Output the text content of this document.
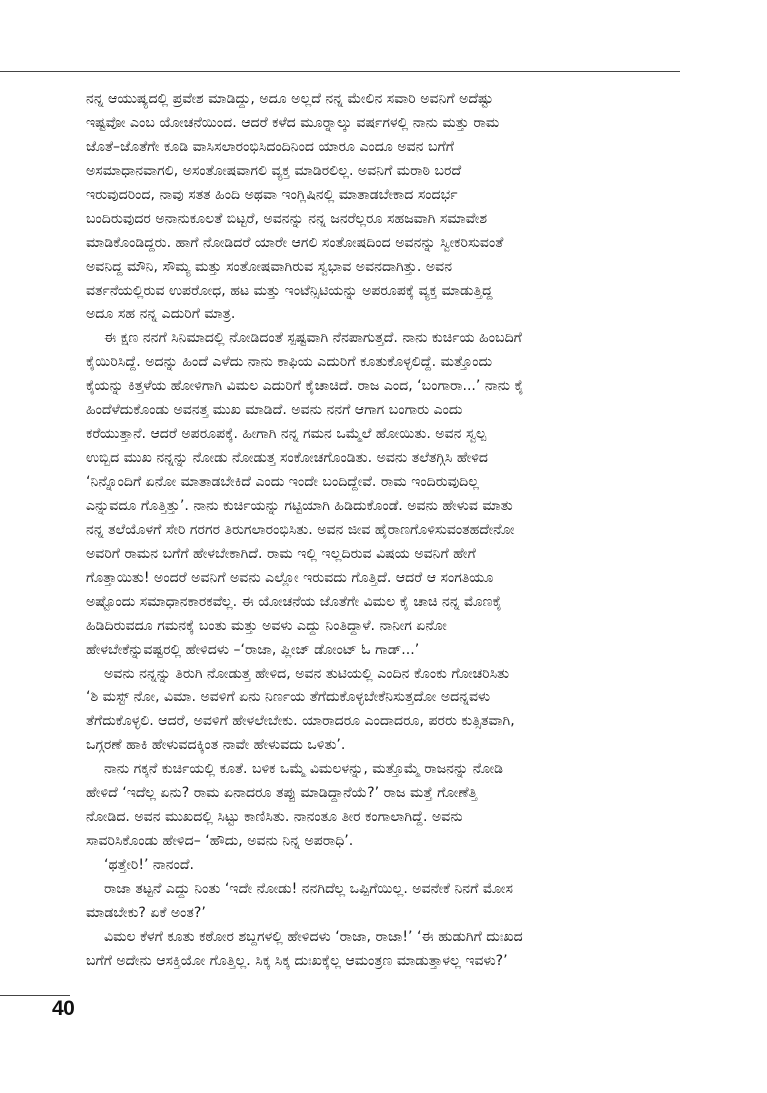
ನನ್ನ ಆಯುಷ್ಯದಲ್ಲಿ ಪ್ರವೇಶ ಮಾಡಿದ್ದು, ಅದೂ ಅಲ್ಲದೆ ನನ್ನ ಮೇಲಿನ ಸವಾರಿ ಅವನಿಗೆ ಅದೆಷ್ಟು
ಇಷ್ಟವೋ ಎಂಬ ಯೋಚನೆಯಿಂದ. ಆದರೆ ಕಳೆದ ಮೂರ‍್ನಾಲ್ಕು ವರ್ಷಗಳಲ್ಲಿ ನಾನು ಮತ್ತು ರಾಮ
ಜೊತೆ–ಜೊತೆಗೇ ಕೂಡಿ ವಾಸಿಸಲಾರಂಭಿಸಿದಂದಿನಿಂದ ಯಾರೂ ಎಂದೂ ಅವನ ಬಗೆಗೆ
ಅಸಮಾಧಾನವಾಗಲಿ, ಅಸಂತೋಷವಾಗಲಿ ವ್ಯಕ್ತ ಮಾಡಿರಲಿಲ್ಲ. ಅವನಿಗೆ ಮರಾಠಿ ಬರದೆ
ಇರುವುದರಿಂದ, ನಾವು ಸತತ ಹಿಂದಿ ಅಥವಾ ಇಂಗ್ಲಿಷಿನಲ್ಲಿ ಮಾತಾಡಬೇಕಾದ ಸಂದರ್ಭ
ಬಂದಿರುವುದರ ಅನಾನುಕೂಲತೆ ಬಿಟ್ಟರೆ, ಅವನನ್ನು ನನ್ನ ಜನರೆಲ್ಲರೂ ಸಹಜವಾಗಿ ಸಮಾವೇಶ
ಮಾಡಿಕೊಂಡಿದ್ದರು. ಹಾಗೆ ನೋಡಿದರೆ ಯಾರೇ ಆಗಲಿ ಸಂತೋಷದಿಂದ ಅವನನ್ನು ಸ್ವೀಕರಿಸುವಂತೆ
ಅವನಿದ್ದ ಮೌನಿ, ಸೌಮ್ಯ ಮತ್ತು ಸಂತೋಷವಾಗಿರುವ ಸ್ವಭಾವ ಅವನದಾಗಿತ್ತು. ಅವನ
ವರ್ತನೆಯಲ್ಲಿರುವ ಉಪರೋಧ, ಹಟ ಮತ್ತು ಇಂಟೆನ್ಸಿಟಿಯನ್ನು ಅಪರೂಪಕ್ಕೆ ವ್ಯಕ್ತ ಮಾಡುತ್ತಿದ್ದ
ಅದೂ ಸಹ ನನ್ನ ಎದುರಿಗೆ ಮಾತ್ರ.
ಈ ಕ್ಷಣ ನನಗೆ ಸಿನಿಮಾದಲ್ಲಿ ನೋಡಿದಂತೆ ಸ್ಪಷ್ಟವಾಗಿ ನೆನಪಾಗುತ್ತದೆ. ನಾನು ಕುರ್ಚಿಯ ಹಿಂಬದಿಗೆ
ಕೈಯಿರಿಸಿದ್ದೆ. ಅದನ್ನು ಹಿಂದೆ ಎಳೆದು ನಾನು ಕಾಫಿಯ ಎದುರಿಗೆ ಕೂತುಕೊಳ್ಳಲಿದ್ದೆ. ಮತ್ತೊಂದು
ಕೈಯನ್ನು ಕಿತ್ತಳೆಯ ಹೋಳಿಗಾಗಿ ವಿಮಲ ಎದುರಿಗೆ ಕೈಚಾಚಿದೆ. ರಾಜ ಎಂದ, ‘ಬಂಗಾರಾ...’ ನಾನು ಕೈ
ಹಿಂದೆಳೆದುಕೊಂಡು ಅವನತ್ತ ಮುಖ ಮಾಡಿದೆ. ಅವನು ನನಗೆ ಆಗಾಗ ಬಂಗಾರು ಎಂದು
ಕರೆಯುತ್ತಾನೆ. ಆದರೆ ಅಪರೂಪಕ್ಕೆ. ಹೀಗಾಗಿ ನನ್ನ ಗಮನ ಒಮ್ಮೆಲೆ ಹೋಯಿತು. ಅವನ ಸ್ವಲ್ಪ
ಉಬ್ಬಿದ ಮುಖ ನನ್ನನ್ನು ನೋಡು ನೋಡುತ್ತ ಸಂಕೋಚಗೊಂಡಿತು. ಅವನು ತಲೆತಗ್ಗಿಸಿ ಹೇಳಿದ
‘ನಿನ್ನೊಂದಿಗೆ ಏನೋ ಮಾತಾಡಬೇಕಿದೆ ಎಂದು ಇಂದೇ ಬಂದಿದ್ದೇವೆ. ರಾಮ ಇಂದಿರುವುದಿಲ್ಲ
ಎನ್ನುವದೂ ಗೊತ್ತಿತ್ತು’. ನಾನು ಕುರ್ಚಿಯನ್ನು ಗಟ್ಟಿಯಾಗಿ ಹಿಡಿದುಕೊಂಡೆ. ಅವನು ಹೇಳುವ ಮಾತು
ನನ್ನ ತಲೆಯೊಳಗೆ ಸೇರಿ ಗರಗರ ತಿರುಗಲಾರಂಭಿಸಿತು. ಅವನ ಜೀವ ಹೈರಾಣಗೊಳಿಸುವಂತಹದೇನೋ
ಅವರಿಗೆ ರಾಮನ ಬಗೆಗೆ ಹೇಳಬೇಕಾಗಿದೆ. ರಾಮ ಇಲ್ಲಿ ಇಲ್ಲದಿರುವ ವಿಷಯ ಅವನಿಗೆ ಹೇಗೆ
ಗೊತ್ತಾಯಿತು! ಅಂದರೆ ಅವನಿಗೆ ಅವನು ಎಲ್ಲೋ ಇರುವದು ಗೊತ್ತಿದೆ. ಆದರೆ ಆ ಸಂಗತಿಯೂ
ಅಷ್ಟೊಂದು ಸಮಾಧಾನಕಾರಕವೆಲ್ಲ. ಈ ಯೋಚನೆಯ ಜೊತೆಗೇ ವಿಮಲ ಕೈ ಚಾಚಿ ನನ್ನ ಮೊಣಕೈ
ಹಿಡಿದಿರುವದೂ ಗಮನಕ್ಕೆ ಬಂತು ಮತ್ತು ಅವಳು ಎದ್ದು ನಿಂತಿದ್ದಾಳೆ. ನಾನೀಗ ಏನೋ
ಹೇಳಬೇಕೆನ್ನುವಷ್ಟರಲ್ಲಿ ಹೇಳಿದಳು –‘ರಾಜಾ, ಪ್ಲೀಜ್ ಡೋಂಟ್ ಓ ಗಾಡ್...’
ಅವನು ನನ್ನನ್ನು ತಿರುಗಿ ನೋಡುತ್ತ ಹೇಳಿದ, ಅವನ ತುಟಿಯಲ್ಲಿ ಎಂದಿನ ಕೊಂಕು ಗೋಚರಿಸಿತು
‘ಶಿ ಮಸ್ಟ್ ನೋ, ವಿಮಾ. ಅವಳಿಗೆ ಏನು ನಿರ್ಣಯ ತೆಗೆದುಕೊಳ್ಳಬೇಕೆನಿಸುತ್ತದೋ ಅದನ್ನವಳು
ತೆಗೆದುಕೊಳ್ಳಲಿ. ಆದರೆ, ಅವಳಿಗೆ ಹೇಳಲೇಬೇಕು. ಯಾರಾದರೂ ಎಂದಾದರೂ, ಪರರು ಕುತ್ಸಿತವಾಗಿ,
ಒಗ್ಗರಣೆ ಹಾಕಿ ಹೇಳುವದಕ್ಕಿಂತ ನಾವೇ ಹೇಳುವದು ಒಳಿತು’.
ನಾನು ಗಕ್ಕನೆ ಕುರ್ಚಿಯಲ್ಲಿ ಕೂತೆ. ಬಳಿಕ ಒಮ್ಮೆ ವಿಮಲಳನ್ನು, ಮತ್ತೊಮ್ಮೆ ರಾಜನನ್ನು ನೋಡಿ
ಹೇಳಿದೆ ‘ಇದೆಲ್ಲ ಏನು? ರಾಮ ಏನಾದರೂ ತಪ್ಪು ಮಾಡಿದ್ದಾನೆಯೆ?’ ರಾಜ ಮತ್ತೆ ಗೋಣೆತ್ತಿ
ನೋಡಿದ. ಅವನ ಮುಖದಲ್ಲಿ ಸಿಟ್ಟು ಕಾಣಿಸಿತು. ನಾನಂತೂ ತೀರ ಕಂಗಾಲಾಗಿದ್ದೆ. ಅವನು
ಸಾವರಿಸಿಕೊಂಡು ಹೇಳಿದ– ‘ಹೌದು, ಅವನು ನಿನ್ನ ಅಪರಾಧಿ’.
‘ಥತ್ತೇರಿ!’ ನಾನಂದೆ.
ರಾಜಾ ತಟ್ಟನೆ ಎದ್ದು ನಿಂತು ‘ಇದೇ ನೋಡು! ನನಗಿದೆಲ್ಲ ಒಪ್ಪಿಗೆಯಿಲ್ಲ. ಅವನೇಕೆ ನಿನಗೆ ಮೋಸ
ಮಾಡಬೇಕು? ಏಕೆ ಅಂತ?’
ವಿಮಲ ಕೆಳಗೆ ಕೂತು ಕಠೋರ ಶಬ್ದಗಳಲ್ಲಿ ಹೇಳಿದಳು ‘ರಾಜಾ, ರಾಜಾ!’ ‘ಈ ಹುಡುಗಿಗೆ ದುಃಖದ
ಬಗೆಗೆ ಅದೇನು ಆಸಕ್ತಿಯೋ ಗೊತ್ತಿಲ್ಲ. ಸಿಕ್ಕ ಸಿಕ್ಕ ದುಃಖಕ್ಕೆಲ್ಲ ಆಮಂತ್ರಣ ಮಾಡುತ್ತಾಳಲ್ಲ ಇವಳು?’
40
